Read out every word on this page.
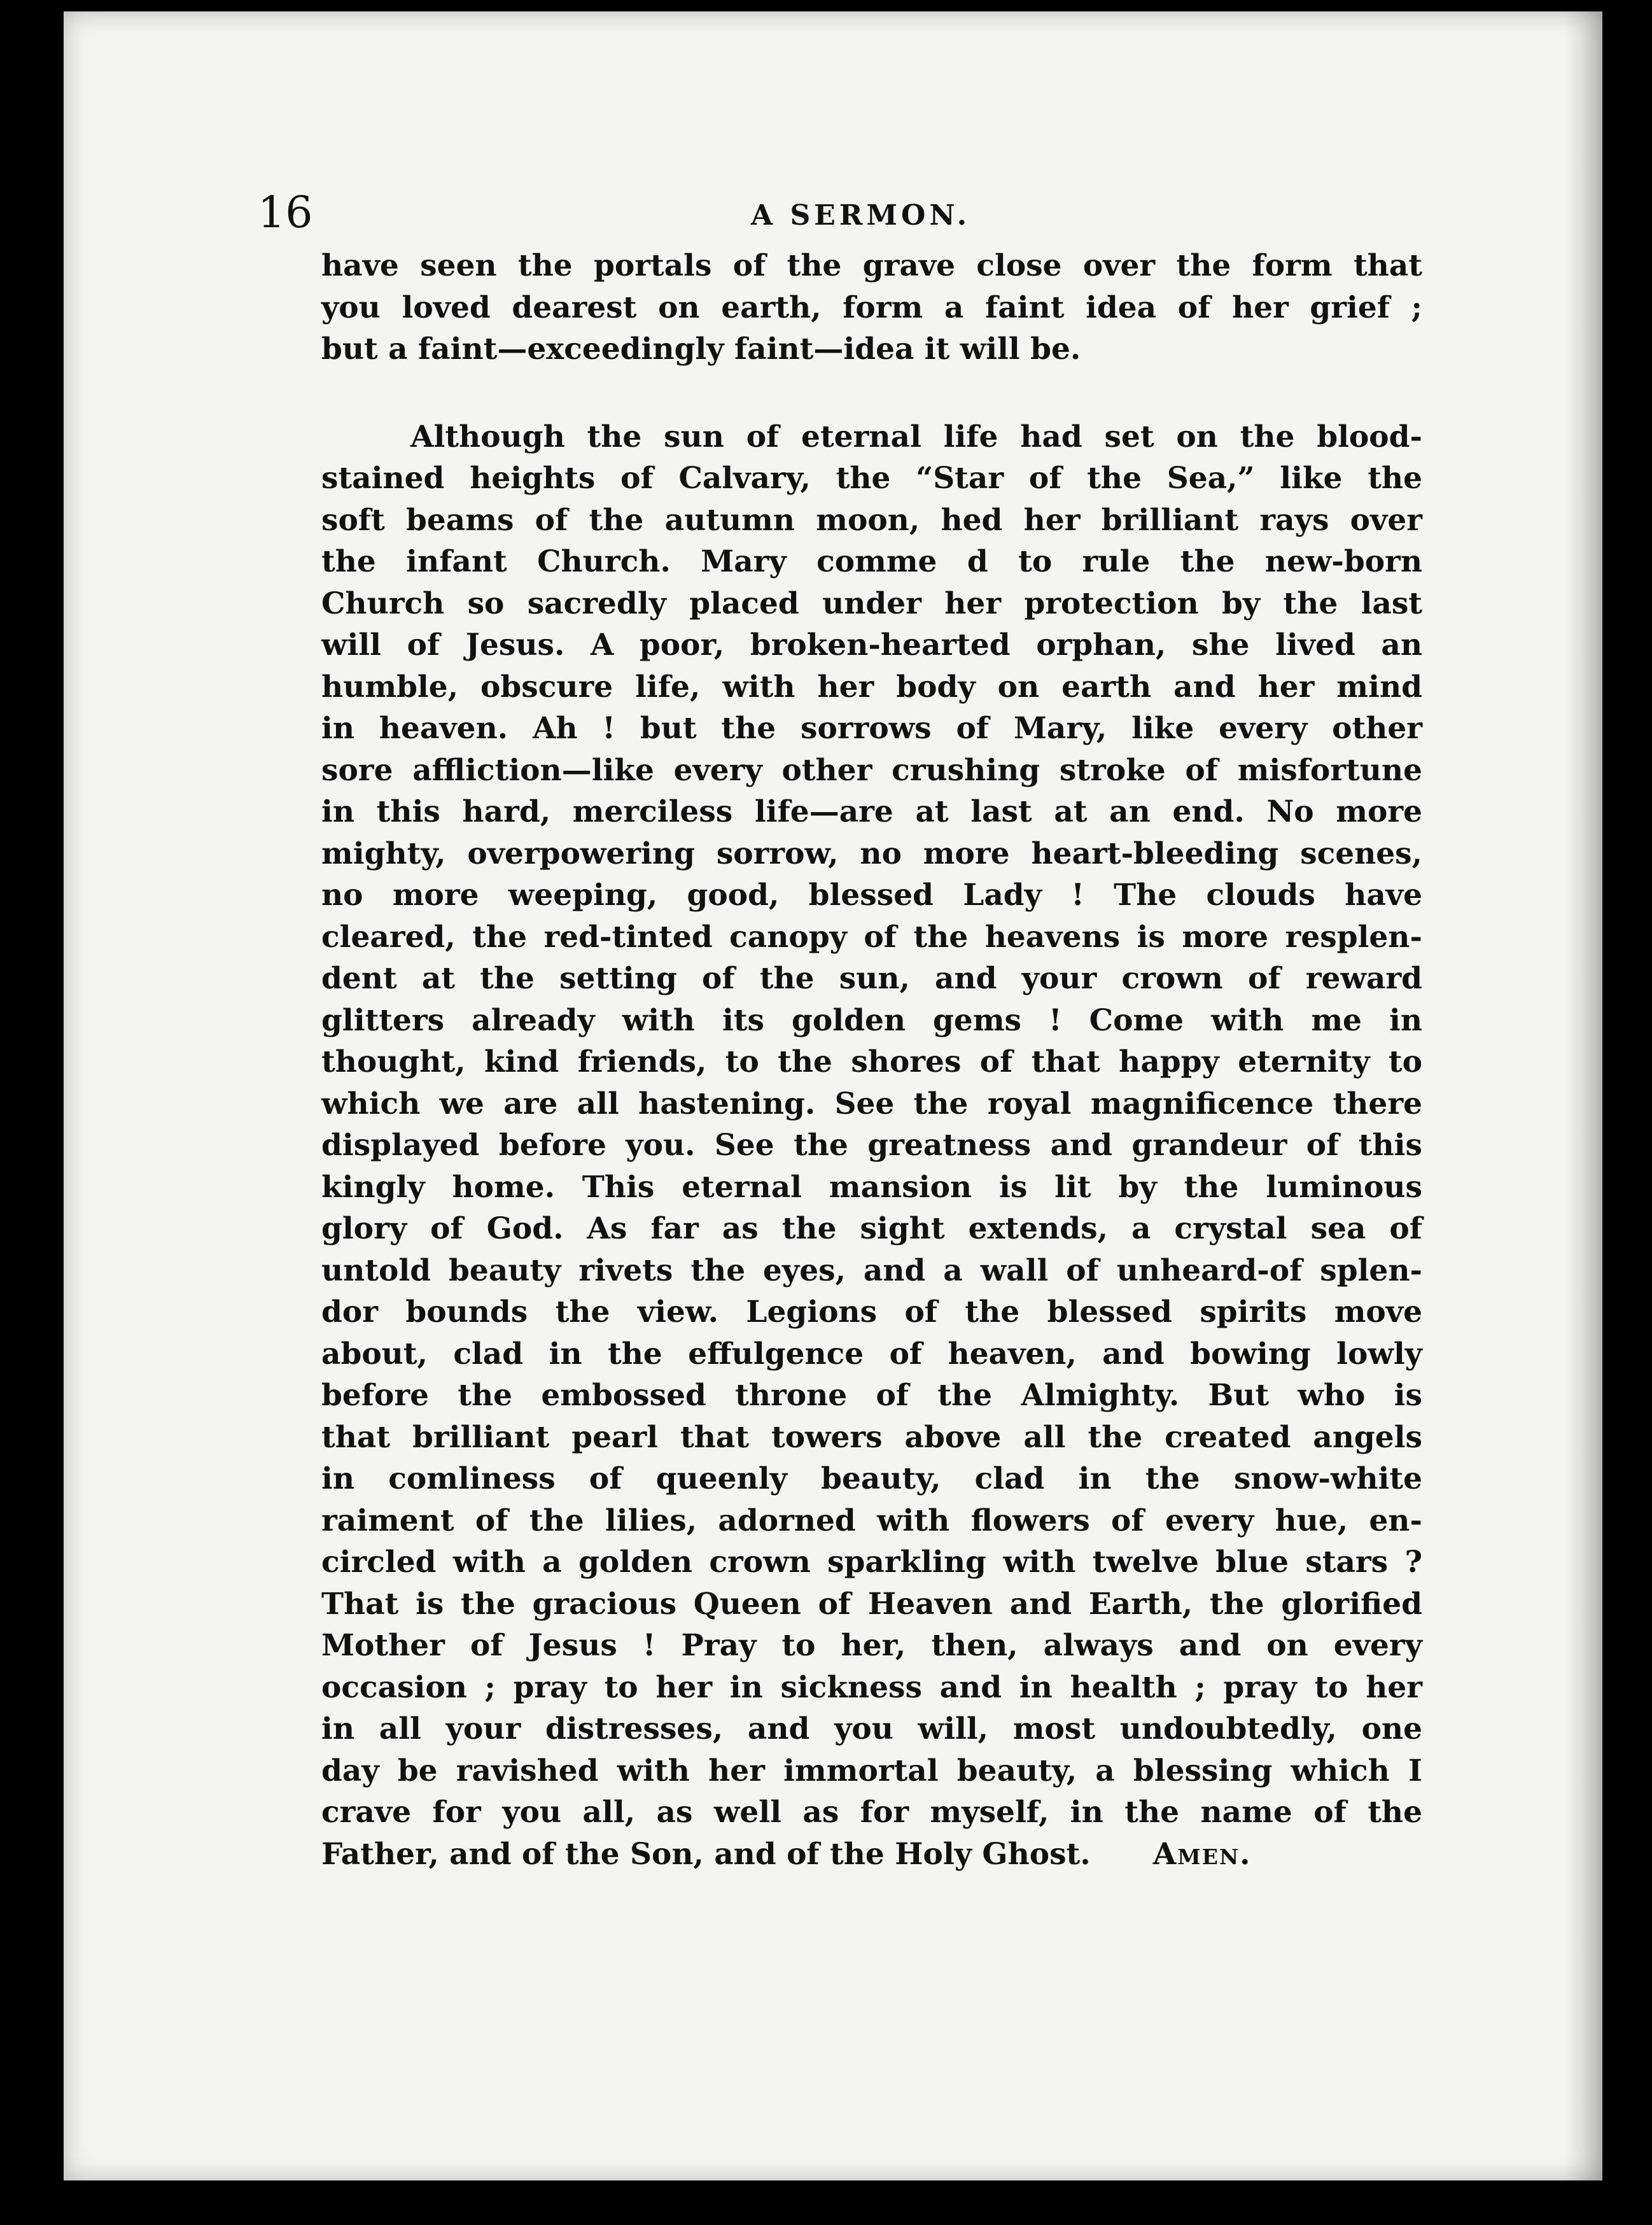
16	A SERMON.
have seen the portals of the grave close over the form that
you loved dearest on earth, form a faint idea of her grief ;
but a faint—exceedingly faint—idea it will be.
Although the sun of eternal life had set on the blood-
stained heights of Calvary, the “Star of the Sea,” like the
soft beams of the autumn moon, hed her brilliant rays over
the infant Church. Mary comme d to rule the new-born
Church so sacredly placed under her protection by the last
will of Jesus. A poor, broken-hearted orphan, she lived an
humble, obscure life, with her body on earth and her mind
in heaven. Ah ! but the sorrows of Mary, like every other
sore affliction—like every other crushing stroke of misfortune
in this hard, merciless life—are at last at an end. No more
mighty, overpowering sorrow, no more heart-bleeding scenes,
no more weeping, good, blessed Lady ! The clouds have
cleared, the red-tinted canopy of the heavens is more resplen-
dent at the setting of the sun, and your crown of reward
glitters already with its golden gems ! Come with me in
thought, kind friends, to the shores of that happy eternity to
which we are all hastening. See the royal magnificence there
displayed before you. See the greatness and grandeur of this
kingly home. This eternal mansion is lit by the luminous
glory of God. As far as the sight extends, a crystal sea of
untold beauty rivets the eyes, and a wall of unheard-of splen-
dor bounds the view. Legions of the blessed spirits move
about, clad in the effulgence of heaven, and bowing lowly
before the embossed throne of the Almighty. But who is
that brilliant pearl that towers above all the created angels
in comliness of queenly beauty, clad in the snow-white
raiment of the lilies, adorned with flowers of every hue, en-
circled with a golden crown sparkling with twelve blue stars ?
That is the gracious Queen of Heaven and Earth, the glorified
Mother of Jesus ! Pray to her, then, always and on every
occasion ; pray to her in sickness and in health ; pray to her
in all your distresses, and you will, most undoubtedly, one
day be ravished with her immortal beauty, a blessing which I
crave for you all, as well as for myself, in the name of the
Father, and of the Son, and of the Holy Ghost. Amen.
